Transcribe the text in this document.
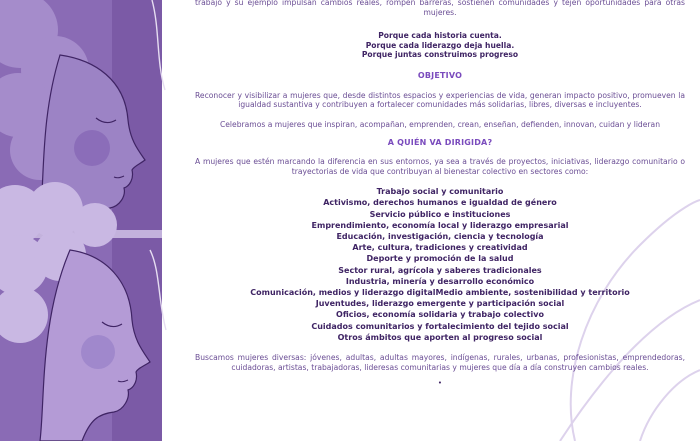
trabajo y su ejemplo impulsan cambios reales, rompen barreras, sostienen comunidades y tejen oportunidades para otras mujeres.

Porque cada historia cuenta.

Porque cada liderazgo deja huella.

Porque juntas construimos progreso

OBJETIVO

Reconocer y visibilizar a mujeres que, desde distintos espacios y experiencias de vida, generan impacto positivo, promueven la igualdad sustantiva y contribuyen a fortalecer comunidades más solidarias, libres, diversas e incluyentes.

Celebramos a mujeres que inspiran, acompañan, emprenden, crean, enseñan, defienden, innovan, cuidan y lideran

A QUIÉN VA DIRIGIDA?

A mujeres que estén marcando la diferencia en sus entornos, ya sea a través de proyectos, iniciativas, liderazgo comunitario o trayectorias de vida que contribuyan al bienestar colectivo en sectores como:

Trabajo social y comunitario

Activismo, derechos humanos e igualdad de género

Servicio público e instituciones

Emprendimiento, economía local y liderazgo empresarial

Educación, investigación, ciencia y tecnología

Arte, cultura, tradiciones y creatividad

Deporte y promoción de la salud

Sector rural, agrícola y saberes tradicionales

Industria, minería y desarrollo económico

Comunicación, medios y liderazgo digitalMedio ambiente, sostenibilidad y territorio

Juventudes, liderazgo emergente y participación social

Oficios, economía solidaria y trabajo colectivo

Cuidados comunitarios y fortalecimiento del tejido social

Otros ámbitos que aporten al progreso social

Buscamos mujeres diversas: jóvenes, adultas, adultas mayores, indígenas, rurales, urbanas, profesionistas, emprendedoras, cuidadoras, artistas, trabajadoras, lideresas comunitarias y mujeres que día a día construyen cambios reales.

•
